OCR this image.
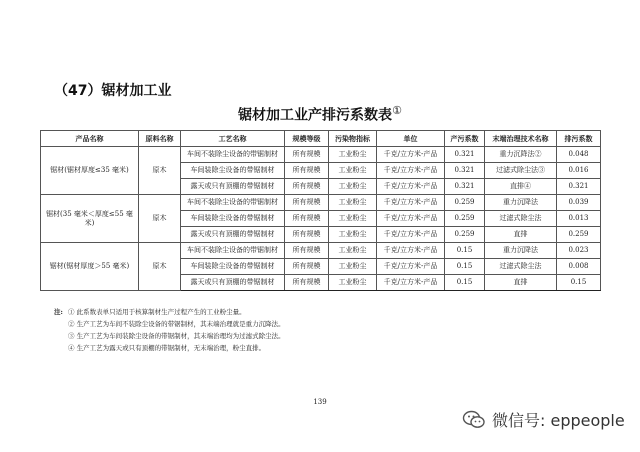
（47）锯材加工业
锯材加工业产排污系数表①
产品名称	原料名称	工艺名称	规模等级	污染物指标	单位	产污系数	末端治理技术名称	排污系数
锯材(锯材厚度≤35 毫米)	原木	车间不装除尘设备的带锯制材	所有规模	工业粉尘	千克/立方米-产品	0.321	重力沉降法②	0.048
		车间装除尘设备的带锯制材	所有规模	工业粉尘	千克/立方米-产品	0.321	过滤式除尘法③	0.016
		露天或只有顶棚的带锯制材	所有规模	工业粉尘	千克/立方米-产品	0.321	直排④	0.321
锯材(35 毫米＜厚度≤55 毫米)	原木	车间不装除尘设备的带锯制材	所有规模	工业粉尘	千克/立方米-产品	0.259	重力沉降法	0.039
		车间装除尘设备的带锯制材	所有规模	工业粉尘	千克/立方米-产品	0.259	过滤式除尘法	0.013
		露天或只有顶棚的带锯制材	所有规模	工业粉尘	千克/立方米-产品	0.259	直排	0.259
锯材(锯材厚度＞55 毫米)	原木	车间不装除尘设备的带锯制材	所有规模	工业粉尘	千克/立方米-产品	0.15	重力沉降法	0.023
		车间装除尘设备的带锯制材	所有规模	工业粉尘	千克/立方米-产品	0.15	过滤式除尘法	0.008
		露天或只有顶棚的带锯制材	所有规模	工业粉尘	千克/立方米-产品	0.15	直排	0.15
注: ① 此系数表单只适用于核算制材生产过程产生的工业粉尘量。
② 生产工艺为车间不装除尘设备的带锯制材，其末端治理就是重力沉降法。
③ 生产工艺为车间装除尘设备的带锯制材，其末端治理均为过滤式除尘法。
④ 生产工艺为露天或只有顶棚的带锯制材，无末端治理，粉尘直排。
139
微信号: eppeople
